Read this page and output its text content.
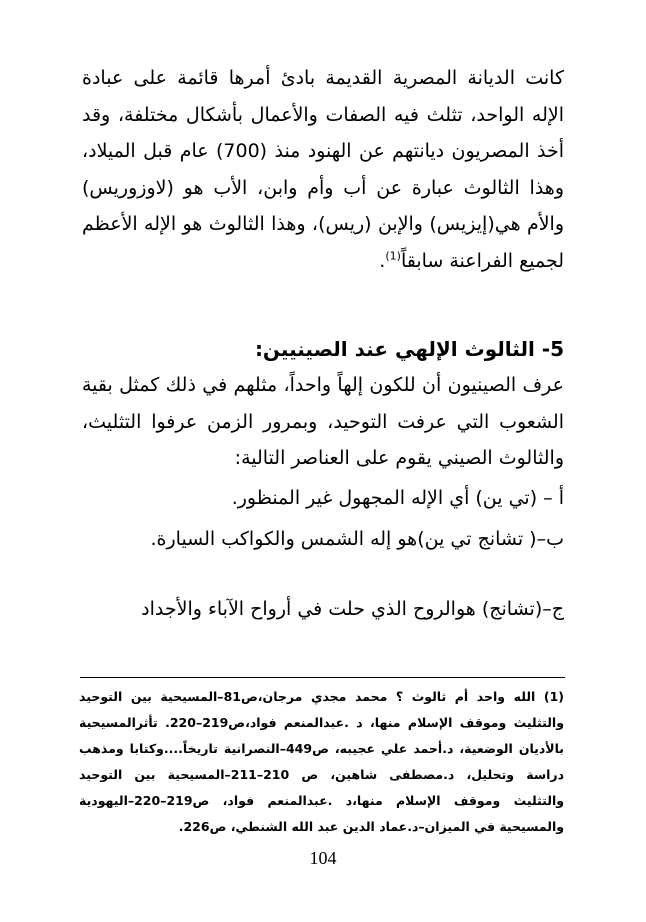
كانت الديانة المصرية القديمة بادئ أمرها قائمة على عبادة الإله الواحد، تثلث فيه الصفات والأعمال بأشكال مختلفة، وقد أخذ المصريون ديانتهم عن الهنود منذ (700) عام قبل الميلاد، وهذا الثالوث عبارة عن أب وأم وابن، الأب هو (لاوزوريس) والأم هي(إيزيس) والإبن (ريس)، وهذا الثالوث هو الإله الأعظم لجميع الفراعنة سابقاً$^{(1)}$.
5- الثالوث الإلهي عند الصينيين:
عرف الصينيون أن للكون إلهاً واحداً، مثلهم في ذلك كمثل بقية الشعوب التي عرفت التوحيد، وبمرور الزمن عرفوا التثليث، والثالوث الصيني يقوم على العناصر التالية:
أ – (تي ين) أي الإله المجهول غير المنظور.
ب–( تشانج تي ين)هو إله الشمس والكواكب السيارة.
ج–(تشانج) هوالروح الذي حلت في أرواح الآباء والأجداد
(1) الله واحد أم ثالوث ؟ محمد مجدي مرجان،ص81–المسيحية بين التوحيد والتثليث وموقف الإسلام منها، د .عبدالمنعم فواد،ص219–220. تأثرالمسيحية بالأديان الوضعية، د.أحمد علي عجيبه، ص449–النصرانية تاريخاً....وكتابا ومذهب دراسة وتحليل، د.مصطفى شاهين، ص 210–211–المسيحية بين التوحيد والتثليث وموقف الإسلام منها،د .عبدالمنعم فواد، ص219–220–اليهودية والمسيحية في الميزان–د.عماد الدين عبد الله الشنطي، ص226.
104
